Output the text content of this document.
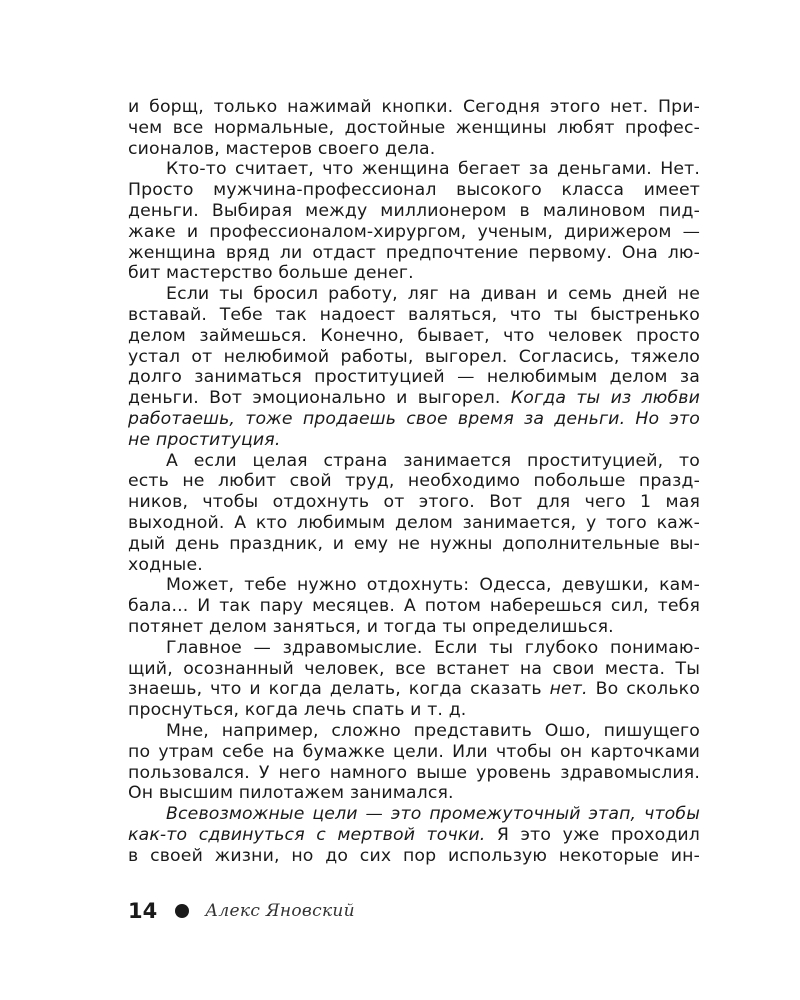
и борщ, только нажимай кнопки. Сегодня этого нет. При-
чем все нормальные, достойные женщины любят профес-
сионалов, мастеров своего дела.
Кто-то считает, что женщина бегает за деньгами. Нет.
Просто мужчина-профессионал высокого класса имеет
деньги. Выбирая между миллионером в малиновом пид-
жаке и профессионалом-хирургом, ученым, дирижером —
женщина вряд ли отдаст предпочтение первому. Она лю-
бит мастерство больше денег.
Если ты бросил работу, ляг на диван и семь дней не
вставай. Тебе так надоест валяться, что ты быстренько
делом займешься. Конечно, бывает, что человек просто
устал от нелюбимой работы, выгорел. Согласись, тяжело
долго заниматься проституцией — нелюбимым делом за
деньги. Вот эмоционально и выгорел. Когда ты из любви
работаешь, тоже продаешь свое время за деньги. Но это
не проституция.
А если целая страна занимается проституцией, то
есть не любит свой труд, необходимо побольше празд-
ников, чтобы отдохнуть от этого. Вот для чего 1 мая
выходной. А кто любимым делом занимается, у того каж-
дый день праздник, и ему не нужны дополнительные вы-
ходные.
Может, тебе нужно отдохнуть: Одесса, девушки, кам-
бала... И так пару месяцев. А потом наберешься сил, тебя
потянет делом заняться, и тогда ты определишься.
Главное — здравомыслие. Если ты глубоко понимаю-
щий, осознанный человек, все встанет на свои места. Ты
знаешь, что и когда делать, когда сказать нет. Во сколько
проснуться, когда лечь спать и т. д.
Мне, например, сложно представить Ошо, пишущего
по утрам себе на бумажке цели. Или чтобы он карточками
пользовался. У него намного выше уровень здравомыслия.
Он высшим пилотажем занимался.
Всевозможные цели — это промежуточный этап, чтобы
как-то сдвинуться с мертвой точки. Я это уже проходил
в своей жизни, но до сих пор использую некоторые ин-
14	Алекс Яновский
